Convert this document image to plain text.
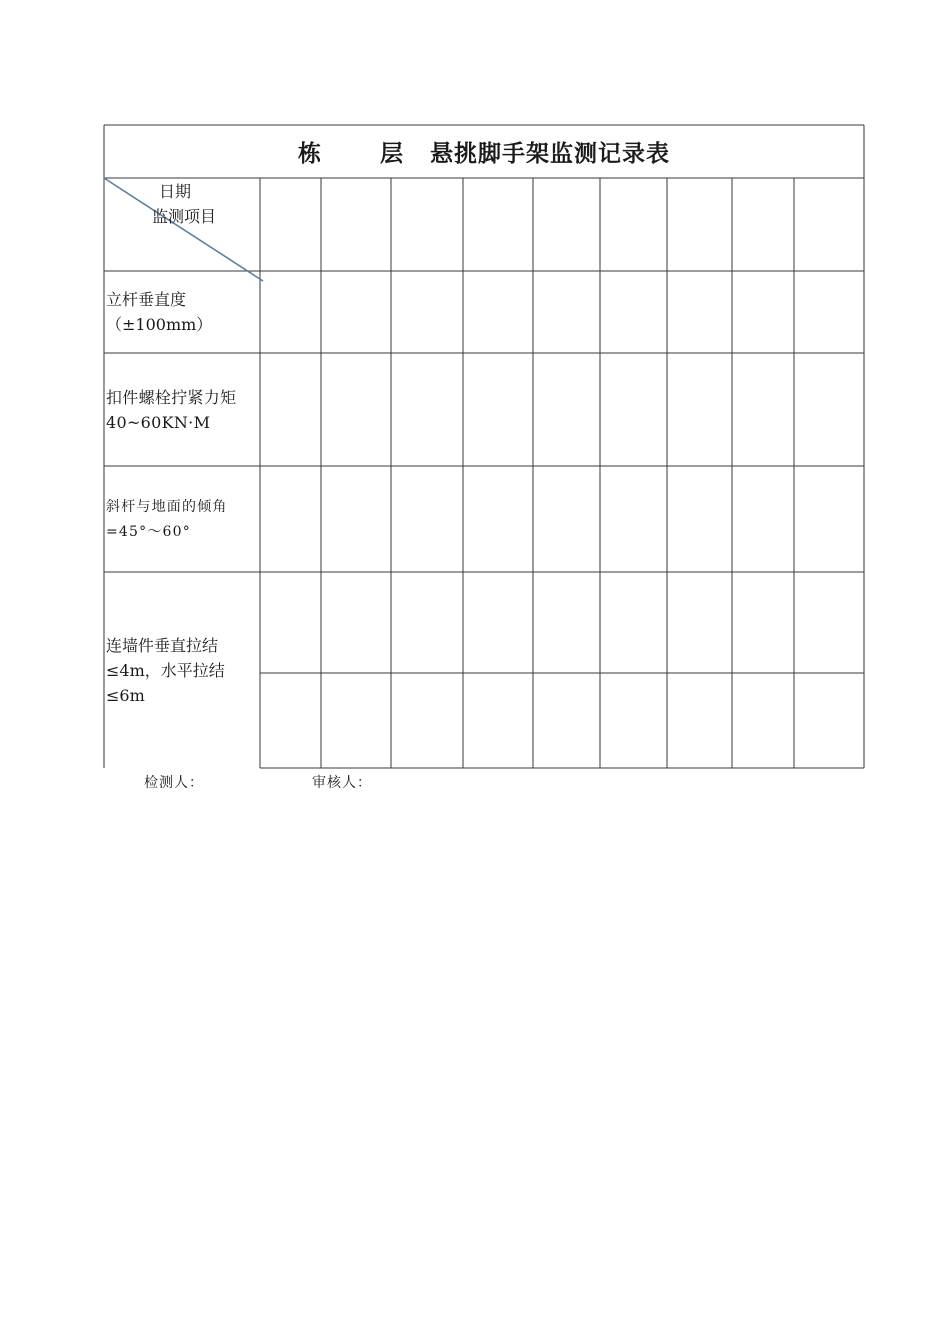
栋	层 悬挑脚手架监测记录表
日期
监测项目
立杆垂直度
（±100mm）
扣件螺栓拧紧力矩
40~60KN·M
斜杆与地面的倾角
=45°～60°
连墙件垂直拉结
≤4m，水平拉结
≤6m
检测人：	审核人：
